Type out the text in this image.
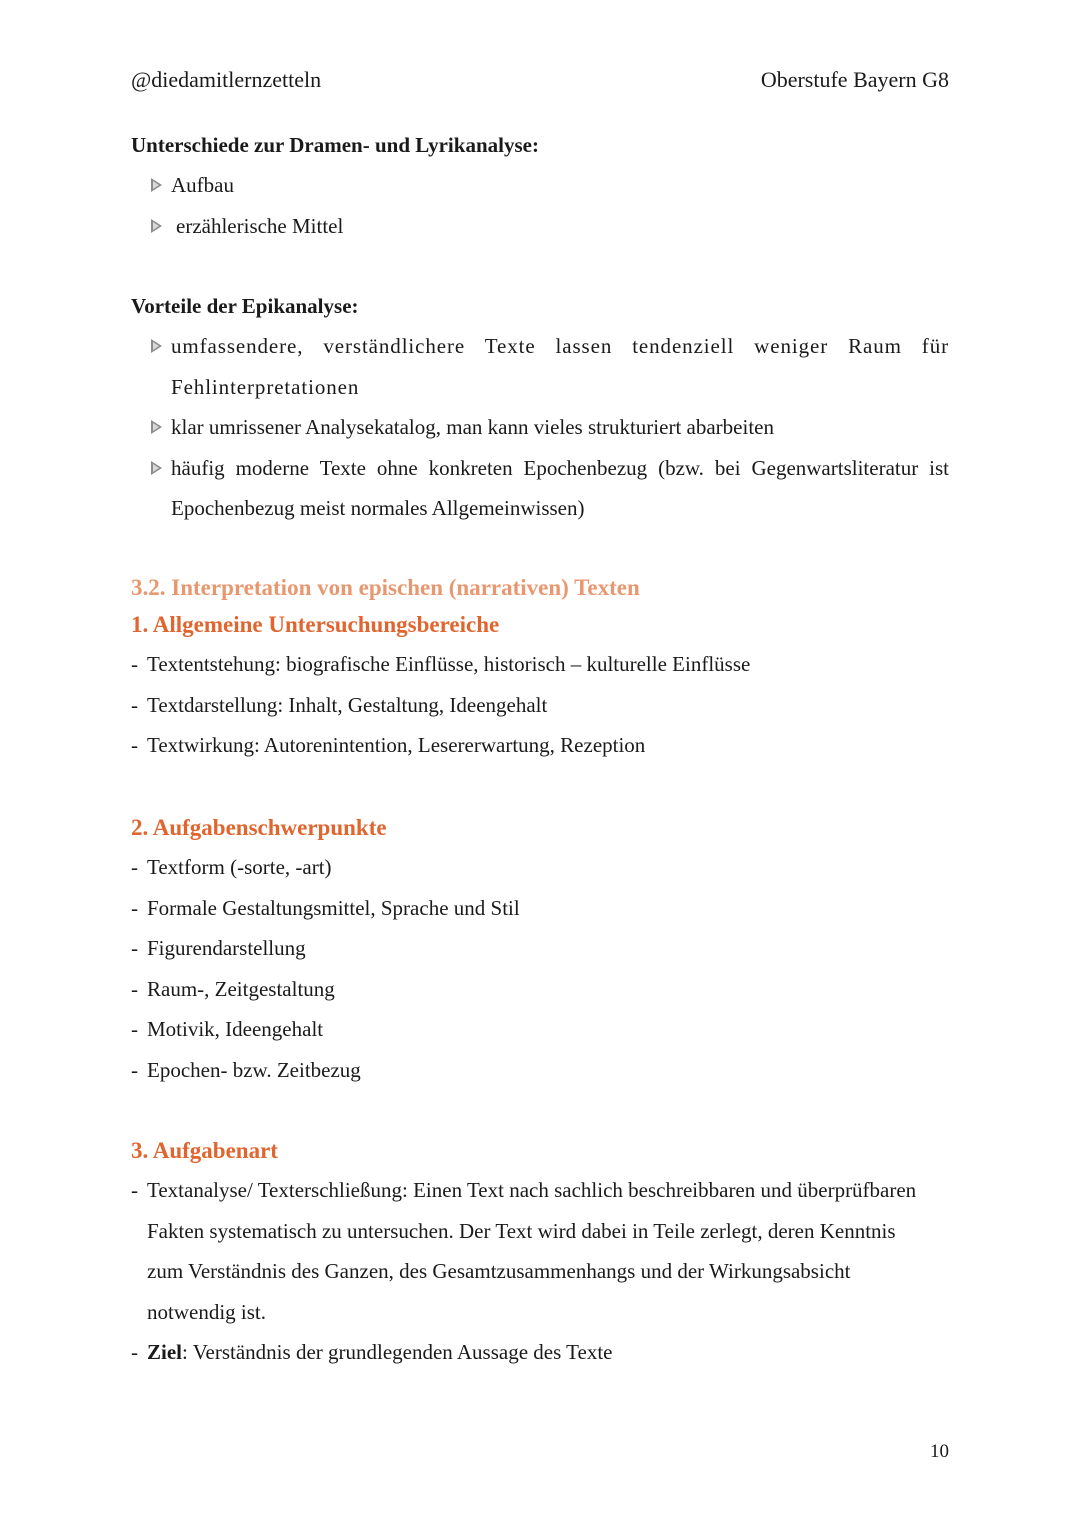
@diedamitlernzetteln	Oberstufe Bayern G8
Unterschiede zur Dramen- und Lyrikanalyse:
Aufbau
erzählerische Mittel
Vorteile der Epikanalyse:
umfassendere, verständlichere Texte lassen tendenziell weniger Raum für Fehlinterpretationen
klar umrissener Analysekatalog, man kann vieles strukturiert abarbeiten
häufig moderne Texte ohne konkreten Epochenbezug (bzw. bei Gegenwartsliteratur ist Epochenbezug meist normales Allgemeinwissen)
3.2. Interpretation von epischen (narrativen) Texten
1. Allgemeine Untersuchungsbereiche
- Textentstehung: biografische Einflüsse, historisch – kulturelle Einflüsse
- Textdarstellung: Inhalt, Gestaltung, Ideengehalt
- Textwirkung: Autorenintention, Lesererwartung, Rezeption
2. Aufgabenschwerpunkte
- Textform (-sorte, -art)
- Formale Gestaltungsmittel, Sprache und Stil
- Figurendarstellung
- Raum-, Zeitgestaltung
- Motivik, Ideengehalt
- Epochen- bzw. Zeitbezug
3. Aufgabenart
- Textanalyse/ Texterschließung: Einen Text nach sachlich beschreibbaren und überprüfbaren Fakten systematisch zu untersuchen. Der Text wird dabei in Teile zerlegt, deren Kenntnis zum Verständnis des Ganzen, des Gesamtzusammenhangs und der Wirkungsabsicht notwendig ist.
- Ziel: Verständnis der grundlegenden Aussage des Texte
10
